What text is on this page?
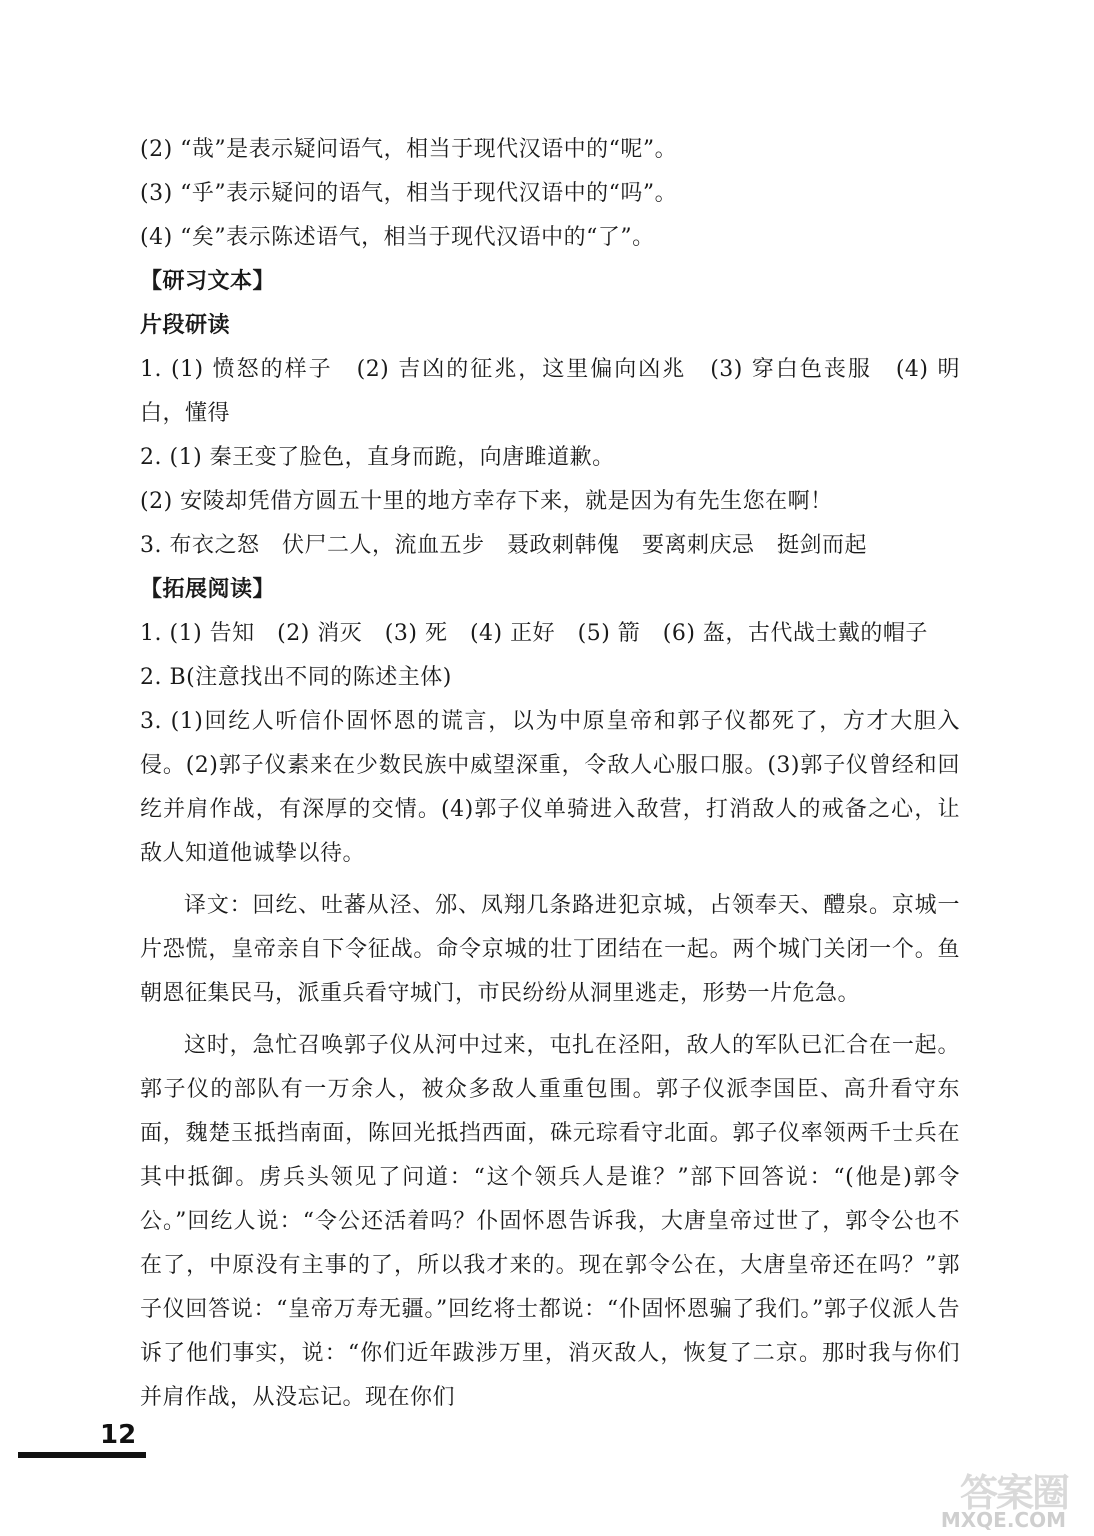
(2) “哉”是表示疑问语气，相当于现代汉语中的“呢”。
(3) “乎”表示疑问的语气，相当于现代汉语中的“吗”。
(4) “矣”表示陈述语气，相当于现代汉语中的“了”。
【研习文本】
片段研读
1. (1) 愤怒的样子　(2) 吉凶的征兆，这里偏向凶兆　(3) 穿白色丧服　(4) 明白，懂得
2. (1) 秦王变了脸色，直身而跪，向唐雎道歉。
(2) 安陵却凭借方圆五十里的地方幸存下来，就是因为有先生您在啊！
3. 布衣之怒　伏尸二人，流血五步　聂政刺韩傀　要离刺庆忌　挺剑而起
【拓展阅读】
1. (1) 告知　(2) 消灭　(3) 死　(4) 正好　(5) 箭　(6) 盔，古代战士戴的帽子
2. B(注意找出不同的陈述主体)
3. (1)回纥人听信仆固怀恩的谎言，以为中原皇帝和郭子仪都死了，方才大胆入侵。(2)郭子仪素来在少数民族中威望深重，令敌人心服口服。(3)郭子仪曾经和回纥并肩作战，有深厚的交情。(4)郭子仪单骑进入敌营，打消敌人的戒备之心，让敌人知道他诚挚以待。
译文：回纥、吐蕃从泾、邠、凤翔几条路进犯京城，占领奉天、醴泉。京城一片恐慌，皇帝亲自下令征战。命令京城的壮丁团结在一起。两个城门关闭一个。鱼朝恩征集民马，派重兵看守城门，市民纷纷从洞里逃走，形势一片危急。
这时，急忙召唤郭子仪从河中过来，屯扎在泾阳，敌人的军队已汇合在一起。郭子仪的部队有一万余人，被众多敌人重重包围。郭子仪派李国臣、高升看守东面，魏楚玉抵挡南面，陈回光抵挡西面，硃元琮看守北面。郭子仪率领两千士兵在其中抵御。虏兵头领见了问道：“这个领兵人是谁？”部下回答说：“(他是)郭令公。”回纥人说：“令公还活着吗？仆固怀恩告诉我，大唐皇帝过世了，郭令公也不在了，中原没有主事的了，所以我才来的。现在郭令公在，大唐皇帝还在吗？”郭子仪回答说：“皇帝万寿无疆。”回纥将士都说：“仆固怀恩骗了我们。”郭子仪派人告诉了他们事实，说：“你们近年跋涉万里，消灭敌人，恢复了二京。那时我与你们并肩作战，从没忘记。现在你们
12
答案圈
MXQE.COM
